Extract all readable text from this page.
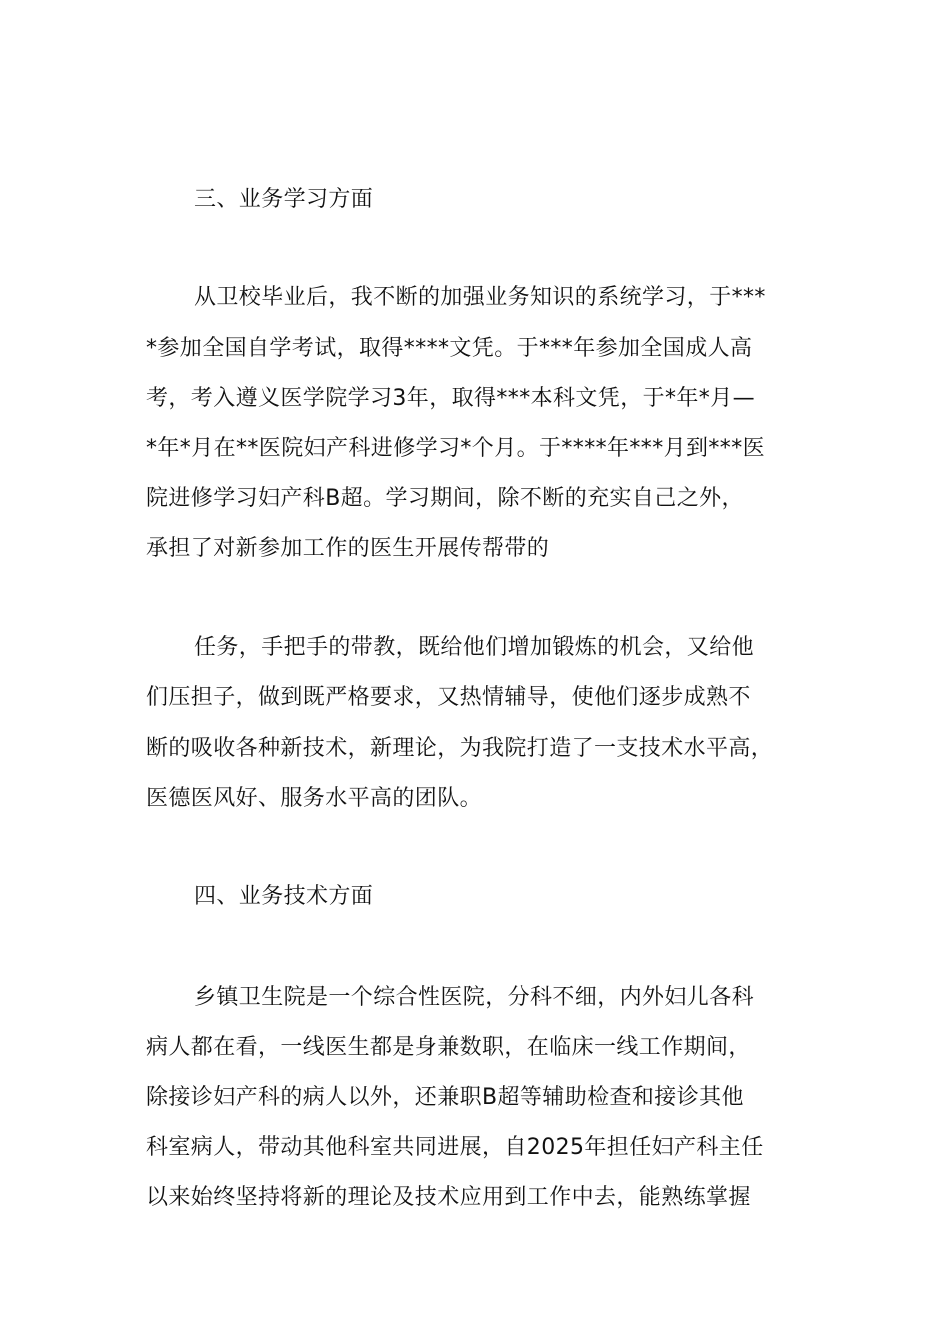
三、业务学习方面
从卫校毕业后，我不断的加强业务知识的系统学习，于***
*参加全国自学考试，取得****文凭。于***年参加全国成人高
考，考入遵义医学院学习3年，取得***本科文凭，于*年*月—
*年*月在**医院妇产科进修学习*个月。于****年***月到***医
院进修学习妇产科B超。学习期间，除不断的充实自己之外，
承担了对新参加工作的医生开展传帮带的
任务，手把手的带教，既给他们增加锻炼的机会，又给他
们压担子，做到既严格要求，又热情辅导，使他们逐步成熟不
断的吸收各种新技术，新理论，为我院打造了一支技术水平高，
医德医风好、服务水平高的团队。
四、业务技术方面
乡镇卫生院是一个综合性医院，分科不细，内外妇儿各科
病人都在看，一线医生都是身兼数职，在临床一线工作期间，
除接诊妇产科的病人以外，还兼职B超等辅助检查和接诊其他
科室病人，带动其他科室共同进展，自2025年担任妇产科主任
以来始终坚持将新的理论及技术应用到工作中去，能熟练掌握
